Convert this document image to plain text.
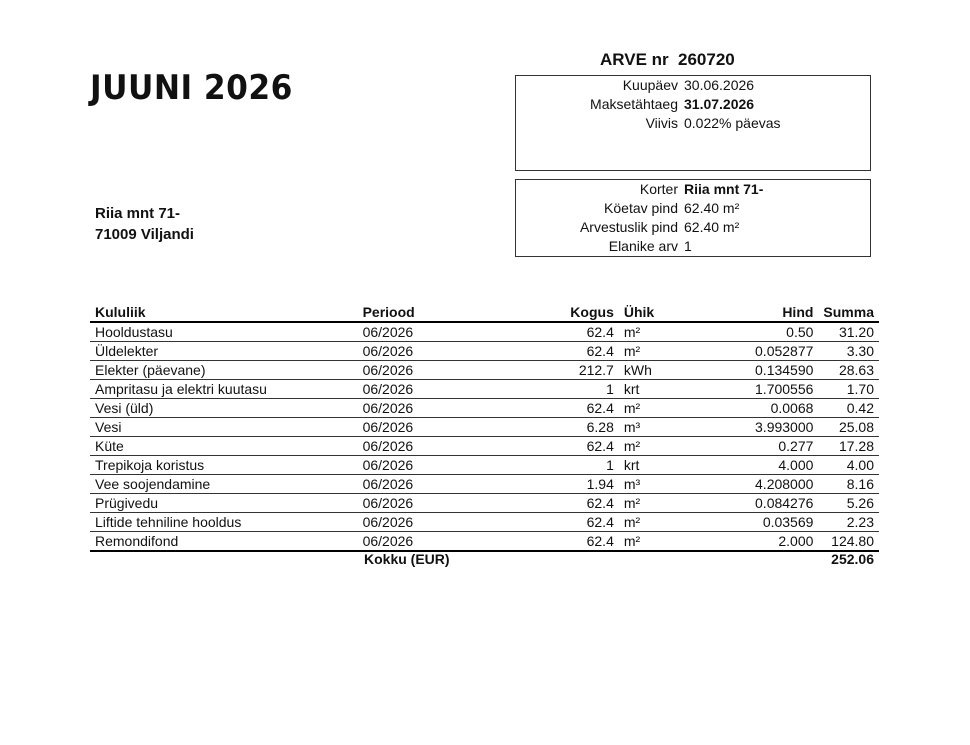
JUUNI 2026
ARVE nr 260720
Kuupäev 30.06.2026
Maksetähtaeg 31.07.2026
Viivis 0.022% päevas
Korter Riia mnt 71-
Köetav pind 62.40 m²
Arvestuslik pind 62.40 m²
Elanike arv 1
Riia mnt 71-
71009 Viljandi
Kululiik	Periood	Kogus	Ühik	Hind	Summa
Hooldustasu	06/2026	62.4	m²	0.50	31.20
Üldelekter	06/2026	62.4	m²	0.052877	3.30
Elekter (päevane)	06/2026	212.7	kWh	0.134590	28.63
Ampritasu ja elektri kuutasu	06/2026	1	krt	1.700556	1.70
Vesi (üld)	06/2026	62.4	m²	0.0068	0.42
Vesi	06/2026	6.28	m³	3.993000	25.08
Küte	06/2026	62.4	m²	0.277	17.28
Trepikoja koristus	06/2026	1	krt	4.000	4.00
Vee soojendamine	06/2026	1.94	m³	4.208000	8.16
Prügivedu	06/2026	62.4	m²	0.084276	5.26
Liftide tehniline hooldus	06/2026	62.4	m²	0.03569	2.23
Remondifond	06/2026	62.4	m²	2.000	124.80
Kokku (EUR)	252.06
